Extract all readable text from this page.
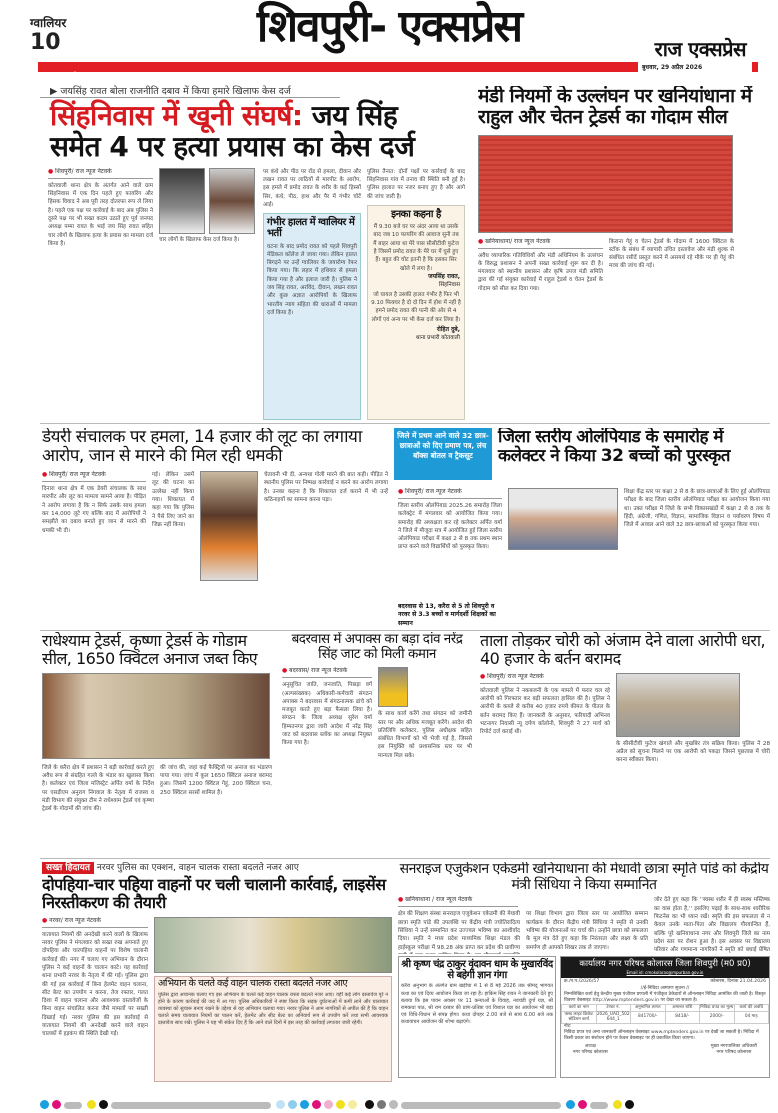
ग्वालियर
10	शिवपुरी- एक्सप्रेस	राज एक्सप्रेस
www.rajexpress.com
बुधवार, 29 अप्रैल 2026
▶ जयसिंह रावत बोला राजनीति दबाव में किया हमारे खिलाफ केस दर्ज
सिंहनिवास में खूनी संघर्ष: जय सिंह
समेत 4 पर हत्या प्रयास का केस दर्ज
● शिवपुरी/ राज न्यूज नेटवर्क
कोतवाली थाना क्षेत्र के अंतर्गत आने वाले ग्राम सिंहनिवास में एक दिन पहले हुए फायरिंग और हिंसक विवाद ने अब पूरी तरह दोतरफा रूप ले लिया है। पहले एक पक्ष पर कार्रवाई के बाद अब पुलिस ने दूसरे पक्ष पर भी सख्त कदम उठाते हुए पूर्व जनपद अध्यक्ष पम्मा रावत के भाई जय सिंह रावत सहित चार लोगों के खिलाफ हत्या के प्रयास का मामला दर्ज किया है।
चार लोगों के खिलाफ केस दर्ज किया है।
पर कंधे और पीठ पर रॉड से हमला, दीवान और लखन रावत पर लाठियों से मारपीट के आरोप, इस हमले में प्रमोद रावत के शरीर के कई हिस्सों सिर, कंधे, पीठ, हाथ और पैर में गंभीर चोटें आई।
गंभीर हालत में ग्वालियर में भर्ती
घटना के बाद प्रमोद रावत को पहले शिवपुरी मेडिकल कॉलेज ले जाया गया। लेकिन हालत बिगड़ने पर उन्हें ग्वालियर के जयारोग्य रेफर किया गया। कि लहार में हथियार से हमला किया गया है और इलाज जारी है। पुलिस ने जय सिंह रावत, अरविंद, दीवान, लखन रावत और कुछ अज्ञात आरोपियों के खिलाफ भारतीय न्याय संहिता की धाराओं में मामला दर्ज किया है।
पुलिस तैनात: दोनों पक्षों पर कार्रवाई के बाद सिंहनिवास गांव में तनाव की स्थिति बनी हुई है। पुलिस हालात पर नजर बनाए हुए है और आगे की जांच जारी है।
इनका कहना है
मैं 9.30 बजे घर पर अंदर आया था उसके बाद जब 10 फायरिंग की आवाज सुनी तब मैं बाहर आया था मेरे पास सीसीटीवी फुटेज है जिसमें प्रमोद रावत के मेरे घर में घुसे हुए हैं। बहुत की चोट इतनी है कि इसका सिर खोले में लगा है।
जयसिंह रावत,
सिंहनिवास
जो घायल है उसकी हालत गंभीर है फिर भी 9.10 फिक्चर है दो दो दिन में होश में नहीं है हमने प्रमोद रावत की पत्नी की ओर से 4 लोगों एवं अन्य पर भी केस दर्ज कर लिया है।
रोहित दुबे,
थाना प्रभारी कोतवाली
मंडी नियमों के उल्लंघन पर खनियांधाना में राहुल और चेतन ट्रेडर्स का गोदाम सील
● खनियाधाना/ राज न्यूज नेटवर्क
अवैध व्यापारिक गतिविधियों और मंडी अधिनियम के उल्लंघन के विरुद्ध प्रशासन ने अपनी सख्त कार्रवाई शुरू कर दी है। मंगलवार को स्थानीय प्रशासन और कृषि उपज मंडी समिति द्वारा की गई संयुक्त कार्रवाई में राहुल ट्रेडर्स व चेतन ट्रेडर्स के गोदाम को सील कर दिया गया।
किराना गेहूं व चेतन ट्रेडर्स के गोदाम में 1600 क्विंटल के स्टॉक के संबंध में व्यापारी उचित दस्तावेज और मंडी शुल्क से संबंधित रसीदें प्रस्तुत करने में असमर्थ रहे मौके पर ही गेहूं की मात्रा की जांच की गई।
डेयरी संचालक पर हमला, 14 हजार की लूट का लगाया आरोप, जान से मारने की मिल रही धमकी
● शिवपुरी/ राज न्यूज नेटवर्क
दिनारा थाना क्षेत्र में एक डेयरी संचालक के साथ मारपीट और लूट का मामला सामने आया है। पीड़ित ने आरोप लगाया है कि न सिर्फ उसके साथ हमला कर 14,000 लूटे गए बल्कि बाद में आरोपियों ने समझौते का दबाव बनाते हुए जान से मारने की धमकी भी दी।
गई। लेकिन उसमें लूट की घटना का उल्लेख नहीं किया गया। शिकायत में कहा गया कि पुलिस ने पैसे लिए जाने का जिक्र नहीं किया।
चेतावनी भी दी, अन्यथा गोली मारने की बात कही। पीड़ित ने स्थानीय पुलिस पर निष्पक्ष कार्रवाई न करने का आरोप लगाया है। उनका कहना है कि शिकायत दर्ज कराने में भी उन्हें कठिनाइयों का सामना करना पड़ा।
जिले में प्रथम आने वाले 32 छात्र-छात्राओं को दिए प्रमाण पत्र, लंच बॉक्स बोतल व ट्रैकसूट
जिला स्तरीय ओलंपियाड के समारोह में कलेक्टर ने किया 32 बच्चों को पुरस्कृत
● शिवपुरी/ राज न्यूज नेटवर्क
जिला स्तरीय ओलंपियाड 2025.26 समारोह जिला कलेक्ट्रेट में मंगलवार को आयोजित किया गया। समारोह की अध्यक्षता कर रहे कलेक्टर अर्पित वर्मा ने जिले में मौजूदा सत्र में आयोजित हुई जिला स्तरीय ओलंपियाड परीक्षा में कक्षा 2 से 8 तक प्रथम स्थान प्राप्त करने वाले विद्यार्थियों को पुरस्कृत किया।
बदरवास से 13, करैरा से 5 तो शिवपुरी व नरवर से 3.3 बच्चों व मार्गदर्शी शिक्षकों का सम्मान
शिक्षा केंद्र स्तर पर कक्षा 2 से 8 के छात्र-छात्राओं के लिए हुई ओलंपियाड परीक्षा के बाद जिला स्तरीय ओलंपियाड परीक्षा का आयोजन किया गया था। उक्त परीक्षा में जिले के सभी विकासखंडों में कक्षा 2 से 8 तक के हिंदी, अंग्रेजी, गणित, विज्ञान, सामाजिक विज्ञान व पर्यावरण विषय में जिले में अव्वल आने वाले 32 छात्र-छात्राओं को पुरस्कृत किया गया।
राधेश्याम ट्रेडर्स, कृष्णा ट्रेडर्स के गोडाम सील, 1650 क्विंटल अनाज जब्त किए
जिले के करैरा क्षेत्र में प्रशासन ने बड़ी कार्रवाई करते हुए अवैध रूप से संग्रहित गल्ले के भंडार का खुलासा किया है। कलेक्टर एवं जिला मजिस्ट्रेट अर्पित वर्मा के निर्देश पर एसडीएम अनुराग निंगवाल के नेतृत्व में राजस्व व मंडी विभाग की संयुक्त टीम ने राधेश्याम ट्रेडर्स एवं कृष्णा ट्रेडर्स के गोदामों की जांच की।
की जांच की, जहां कई फैक्ट्रियों पर अनाज का भंडारण पाया गया। जांच में कुल 1650 क्विंटल अनाज बरामद हुआ। जिसमें 1200 क्विंटल गेहूं, 200 क्विंटल चना, 250 क्विंटल सरसों शामिल है।
बदरवास में अपाक्स का बड़ा दांव नरेंद्र सिंह जाट को मिली कमान
● बदरवास/ राज न्यूज नेटवर्क
अनुसूचित जाति, जनजाति, पिछड़ा वर्ग (अल्पसंख्यक) अधिकारी-कर्मचारी संगठन अपाक्स ने बदरवास में संगठनात्मक ढांचे को मजबूत करते हुए बड़ा फैसला लिया है। संगठन के जिला अध्यक्ष सुरेश वर्मा हिम्मतनगर द्वारा जारी आदेश में नरेंद्र सिंह जाट को बदरवास ब्लॉक का अध्यक्ष नियुक्त किया गया है।
के साथ कार्य करेंगे तथा संगठन को जमीनी स्तर पर और अधिक मजबूत करेंगे। आदेश की प्रतिलिपि कलेक्टर, पुलिस अधीक्षक सहित संबंधित विभागों को भी भेजी गई है, जिससे इस नियुक्ति को प्रशासनिक स्तर पर भी मान्यता मिल सके।
ताला तोड़कर चोरी को अंजाम देने वाला आरोपी धरा, 40 हजार के बर्तन बरामद
● शिवपुरी/ राज न्यूज नेटवर्क
कोतवाली पुलिस ने नकबजनी के एक मामले में फरार चल रहे आरोपी को गिरफ्तार कर बड़ी सफलता हासिल की है। पुलिस ने आरोपी के कब्जे से करीब 40 हजार रुपये कीमत के पीतल के बर्तन बरामद किए हैं। जानकारी के अनुसार, फरियादी अभिनव भटनागर निवासी न्यू दर्पण कॉलोनी, शिवपुरी ने 27 मार्च को रिपोर्ट दर्ज कराई थी।
के सीसीटीवी फुटेज खंगाले और मुखबिर तंत्र सक्रिय किया। पुलिस ने 28 अप्रैल को सूचना मिलने पर एक आरोपी को पकड़ा जिसने पूछताछ में चोरी करना स्वीकार किया।
सख्त हिदायत नरवर पुलिस का एक्शन, वाहन चालक रास्ता बदलते नजर आए
दोपहिया-चार पहिया वाहनों पर चली चालानी कार्रवाई, लाइसेंस निरस्तीकरण की तैयारी
● नरवर/ राज न्यूज नेटवर्क
यातायात नियमों की अनदेखी करने वालों के खिलाफ नरवर पुलिस ने मंगलवार को सख्त रुख अपनाते हुए दोपहिया और चारपहिया वाहनों पर विशेष चालानी कार्रवाई की। नगर में चलाए गए अभियान के दौरान पुलिस ने कई वाहनों के चालान काटे। यह कार्रवाई थाना प्रभारी नरवर के नेतृत्व में की गई। पुलिस द्वारा की गई इस कार्रवाई में बिना हेलमेट वाहन चलाना, सीट बेल्ट का उपयोग न करना, तेज रफ्तार, गलत दिशा में वाहन चलाना और आवश्यक दस्तावेजों के बिना वाहन संचालित करना जैसे मामलों पर सख्ती दिखाई गई। नरवर पुलिस की इस कार्रवाई से यातायात नियमों की अनदेखी करने वाले वाहन चालकों में हड़कंप की स्थिति देखी गई।
अभियान के चलते कई वाहन चालक रास्ता बदलते नजर आए
पुलिस द्वारा अचानक चलाए गए इस अभियान के चलते कई वाहन चालक रास्ता बदलते नजर आए। वहीं कई लोग दस्तावेज पूरे न होने के कारण कार्रवाई की जद में आ गए। पुलिस अधिकारियों ने स्पष्ट किया कि सड़क दुर्घटनाओं में कमी लाने और यातायात व्यवस्था को सुचारू बनाए रखने के उद्देश्य से यह अभियान चलाया गया। नरवर पुलिस ने आम नागरिकों से अपील की है कि वाहन चलाते समय यातायात नियमों का पालन करें, हेलमेट और सीट बेल्ट का अनिवार्य रूप से उपयोग करें तथा सभी आवश्यक दस्तावेज साथ रखें। पुलिस ने यह भी संकेत दिए हैं कि आने वाले दिनों में इस तरह की कार्रवाई लगातार जारी रहेगी।
सनराइज एजुकेशन एकेडमी खनियाधाना की मेधावी छात्रा स्मृति पांडे को केंद्रीय मंत्री सिंधिया ने किया सम्मानित
● खनियाधाना / राज न्यूज नेटवर्क
क्षेत्र की शिक्षण संस्था सनराइज एजुकेशन एकेडमी की मेधावी छात्रा स्मृति पांडे की उपलब्धि पर केंद्रीय मंत्री ज्योतिरादित्य सिंधिया ने उन्हें सम्मानित कर उज्ज्वल भविष्य का आशीर्वाद दिया। स्मृति ने मध्य प्रदेश माध्यमिक शिक्षा मंडल की हाईस्कूल परीक्षा में 98.28 अंक प्राप्त कर प्रदेश की प्रावीण्य पर शिक्षा विभाग द्वारा जिला स्तर पर आयोजित सम्मान कार्यक्रम के दौरान केंद्रीय मंत्री सिंधिया ने स्मृति से उनकी भविष्य की योजनाओं पर चर्चा की। उन्होंने छात्रा को सफलता के मूल मंत्र देते हुए कहा कि निरंतरता और लक्ष्य के प्रति समर्पण ही आपको शिखर तक ले जाएगा।
जोर देते हुए कहा कि ''स्वस्थ शरीर में ही स्वस्थ मस्तिष्क का वास होता है,'' इसलिए पढ़ाई के साथ-साथ शारीरिक फिटनेस का भी ध्यान रखें। स्मृति की इस सफलता से न केवल उनके माता-पिता और विद्यालय गौरवान्वित हैं, बल्कि पूरे खनियाधाना नगर और शिवपुरी जिले का नाम प्रदेश स्तर पर रोशन हुआ है। इस अवसर पर विद्यालय परिवार और गणमान्य नागरिकों ने स्मृति को बधाई प्रेषित
श्री कृष्ण चंद्र ठाकुर वृंदावन धाम के मुखारविंद से बहेगी ज्ञान गंगा
करैरा अनुभाग के अंतर्गत ग्राम खड़ीचा में 1 से 8 मई 2026 तक श्रीमद् भागवत कथा का एवं दिव्य आयोजन किया जा रहा है। हाकिम सिंह रावत ने जानकारी देते हुए बताया कि इस पावन अवसर पर 11 कन्याओं के विवाह, नवचंडी दुर्गा यज्ञ, श्री रामकथा पाठ, श्री राम दरबार की प्राण-प्रतिष्ठा एवं विशाल यज्ञ का आयोजन भी बड़ा एवं विधि-विधान से संपन्न होगा। कथा दोपहर 2.00 बजे से सायं 6.00 बजे तक कथावाचन आयोजन की शोभा बढ़ाएंगे।
कार्यालय नगर परिषद कोलारस जिला शिवपुरी (म0 प्र0)
Email id: cmokolaras@mpurban.gov.in
क्र./न.प./2026/57	कोलारस, दिनांक 21.04.2026
//ई-निविदा आमंत्रण सूचना //
निम्नलिखित कार्य हेतु केन्द्रीय मुख्य पंजीयन प्रणाली में पंजीकृत ठेकेदारों से ऑनलाइन निविदा आमंत्रित की जाती है। विस्तृत विवरण वेबसाइट http://www.mptenders.gov.in पर देखा जा सकता है।
कार्य का नाम	टेण्डर नं.	अनुमानित लागत	अमानत राशि	निविदा प्रपत्र का मूल्य	कार्य की अवधि
फ्लड लाइट क्रिकेट स्टेडियम कार्य	2026_UAD_502644_1	841700/-	8418/-	2000/-	04 माह
नोट:
निविदा प्रपत्र एवं अन्य जानकारी ऑनलाइन वेबसाइट www.mptenders.gov.in पर देखी जा सकती है। निविदा में किसी प्रकार का संशोधन होने पर केवल वेबसाइट पर ही प्रकाशित किया जाएगा।
अध्यक्ष
नगर परिषद कोलारस
मुख्य नगरपालिका अधिकारी
नगर परिषद कोलारस
